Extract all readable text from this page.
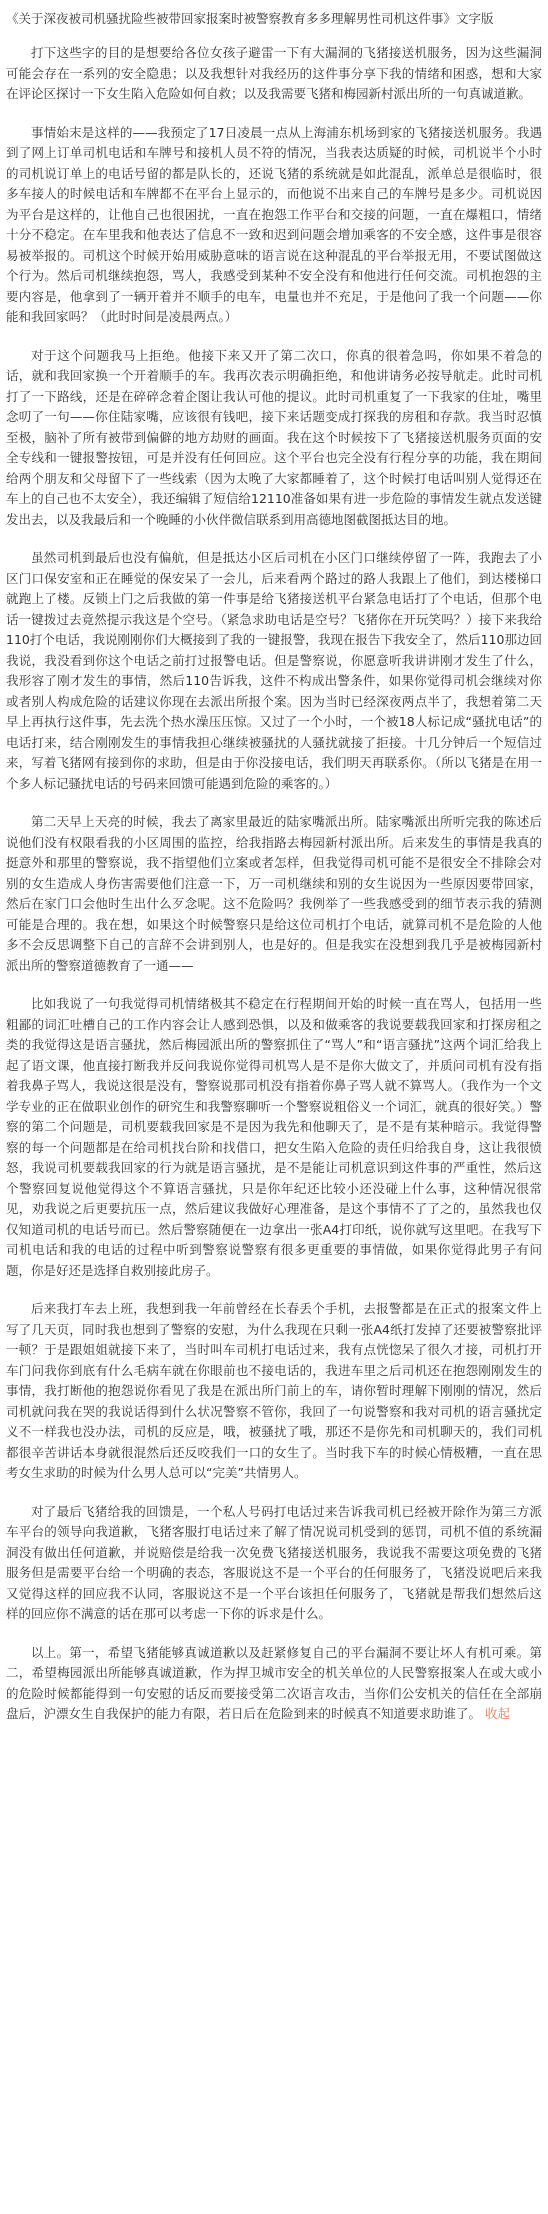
《关于深夜被司机骚扰险些被带回家报案时被警察教育多多理解男性司机这件事》文字版

打下这些字的目的是想要给各位女孩子避雷一下有大漏洞的飞猪接送机服务，因为这些漏洞可能会存在一系列的安全隐患；以及我想针对我经历的这件事分享下我的情绪和困惑，想和大家在评论区探讨一下女生陷入危险如何自救；以及我需要飞猪和梅园新村派出所的一句真诚道歉。

事情始末是这样的——我预定了17日凌晨一点从上海浦东机场到家的飞猪接送机服务。我遇到了网上订单司机电话和车牌号和接机人员不符的情况，当我表达质疑的时候，司机说半个小时的司机说订单上的电话号留的都是队长的，还说飞猪的系统就是如此混乱，派单总是很临时，很多车接人的时候电话和车牌都不在平台上显示的，而他说不出来自己的车牌号是多少。司机说因为平台是这样的，让他自己也很困扰，一直在抱怨工作平台和交接的问题，一直在爆粗口，情绪十分不稳定。在车里我和他表达了信息不一致和迟到问题会增加乘客的不安全感，这件事是很容易被举报的。司机这个时候开始用威胁意味的语言说在这种混乱的平台举报无用，不要试图做这个行为。然后司机继续抱怨，骂人，我感受到某种不安全没有和他进行任何交流。司机抱怨的主要内容是，他拿到了一辆开着并不顺手的电车，电量也并不充足，于是他问了我一个问题——你能和我回家吗？（此时时间是凌晨两点。）

对于这个问题我马上拒绝。他接下来又开了第二次口，你真的很着急吗，你如果不着急的话，就和我回家换一个开着顺手的车。我再次表示明确拒绝，和他讲请务必按导航走。此时司机打了一下路线，还是在碎碎念着企图让我认可他的提议。此时司机重复了一下我家的住址，嘴里念叨了一句——你住陆家嘴，应该很有钱吧，接下来话题变成打探我的房租和存款。我当时忍慎至极，脑补了所有被带到偏僻的地方劫财的画面。我在这个时候按下了飞猪接送机服务页面的安全专线和一键报警按钮，可是并没有任何回应。这个平台也完全没有行程分享的功能，我在期间给两个朋友和父母留下了一些线索（因为太晚了大家都睡着了，这个时候打电话叫别人觉得还在车上的自己也不太安全），我还编辑了短信给12110准备如果有进一步危险的事情发生就点发送键发出去，以及我最后和一个晚睡的小伙伴微信联系到用高德地图截图抵达目的地。

虽然司机到最后也没有偏航，但是抵达小区后司机在小区门口继续停留了一阵，我跑去了小区门口保安室和正在睡觉的保安呆了一会儿，后来看两个路过的路人我跟上了他们，到达楼梯口就跑上了楼。反锁上门之后我做的第一件事是给飞猪接送机平台紧急电话打了个电话，但那个电话一键拨过去竟然提示我这是个空号。（紧急求助电话是空号？飞猪你在开玩笑吗？）接下来我给110打个电话，我说刚刚你们大概接到了我的一键报警，我现在报告下我安全了，然后110那边回我说，我没看到你这个电话之前打过报警电话。但是警察说，你愿意听我讲讲刚才发生了什么，我形容了刚才发生的事情，然后110告诉我，这件不构成出警条件，如果你觉得司机会继续对你或者别人构成危险的话建议你现在去派出所报个案。因为当时已经深夜两点半了，我想着第二天早上再执行这件事，先去洗个热水澡压压惊。又过了一个小时，一个被18人标记成“骚扰电话”的电话打来，结合刚刚发生的事情我担心继续被骚扰的人骚扰就接了拒接。十几分钟后一个短信过来，写着飞猪网有接到你的求助，但是由于你没接电话，我们明天再联系你。（所以飞猪是在用一个多人标记骚扰电话的号码来回馈可能遇到危险的乘客的。）

第二天早上天亮的时候，我去了离家里最近的陆家嘴派出所。陆家嘴派出所听完我的陈述后说他们没有权限看我的小区周围的监控，给我指路去梅园新村派出所。后来发生的事情是我真的挺意外和那里的警察说，我不指望他们立案或者怎样，但我觉得司机可能不是很安全不排除会对别的女生造成人身伤害需要他们注意一下，万一司机继续和别的女生说因为一些原因要带回家，然后在家门口会他时生出什么歹念呢。这不危险吗？我例举了一些我感受到的细节表示我的猜测可能是合理的。我在想，如果这个时候警察只是给这位司机打个电话，就算司机不是危险的人他多不会反思调整下自己的言辞不会讲到别人，也是好的。但是我实在没想到我几乎是被梅园新村派出所的警察道德教育了一通——

比如我说了一句我觉得司机情绪极其不稳定在行程期间开始的时候一直在骂人，包括用一些粗鄙的词汇吐槽自己的工作内容会让人感到恐惧，以及和做乘客的我说要载我回家和打探房租之类的我觉得这是语言骚扰，然后梅园派出所的警察抓住了“骂人”和“语言骚扰”这两个词汇给我上起了语文课，他直接打断我并反问我说你觉得司机骂人是不是你大做文了，并质问司机有没有指着我鼻子骂人，我说这很是没有，警察说那司机没有指着你鼻子骂人就不算骂人。（我作为一个文学专业的正在做职业创作的研究生和我警察聊听一个警察说粗俗义一个词汇，就真的很好笑。）警察的第二个问题是，司机要载我回家是不是因为我先和他聊天了，是不是有某种暗示。我觉得警察的每一个问题都是在给司机找台阶和找借口，把女生陷入危险的责任归给我自身，这让我很愤怒，我说司机要载我回家的行为就是语言骚扰，是不是能让司机意识到这件事的严重性，然后这个警察回复说他觉得这个不算语言骚扰，只是你年纪还比较小还没碰上什么事，这种情况很常见，劝我说之后更要抗压一点，然后建议我做好心理准备，是这个事情不了了之的，虽然我也仅仅知道司机的电话号而已。然后警察随便在一边拿出一张A4打印纸，说你就写这里吧。在我写下司机电话和我的电话的过程中听到警察说警察有很多更重要的事情做，如果你觉得此男子有问题，你是好还是选择自救别接此房子。

后来我打车去上班，我想到我一年前曾经在长春丢个手机，去报警都是在正式的报案文件上写了几天页，同时我也想到了警察的安慰，为什么我现在只剩一张A4纸打发掉了还要被警察批评一顿？于是跟姐姐就接下来了，当时叫车司机打电话过来，我有点恍惚呆了很久才接，司机打开车门问我你到底有什么毛病车就在你眼前也不接电话的，我进车里之后司机还在抱怨刚刚发生的事情，我打断他的抱怨说你看见了我是在派出所门前上的车，请你暂时理解下刚刚的情况，然后司机就问我在哭的我说话得到什么状况警察不管你，我回了一句说警察和我对司机的语言骚扰定义不一样我也没办法，司机的反应是，哦，被骚扰了哦，那还不是你先和司机聊天的，我们司机都很辛苦讲话本身就很混然后还反咬我们一口的女生了。当时我下车的时候心情极糟，一直在思考女生求助的时候为什么男人总可以“完美”共情男人。

对了最后飞猪给我的回馈是，一个私人号码打电话过来告诉我司机已经被开除作为第三方派车平台的领导向我道歉，飞猪客服打电话过来了解了情况说司机受到的惩罚，司机不值的系统漏洞没有做出任何道歉，并说赔偿是给我一次免费飞猪接送机服务，我说我不需要这项免费的飞猪服务但是需要平台给一个明确的表态，客服说这不是一个平台的任何服务了，飞猪没说吧后来我又觉得这样的回应我不认同，客服说这不是一个平台该担任何服务了，飞猪就是帮我们想然后这样的回应你不满意的话在那可以考虑一下你的诉求是什么。

以上。第一，希望飞猪能够真诚道歉以及赶紧修复自己的平台漏洞不要让坏人有机可乘。第二，希望梅园派出所能够真诚道歉，作为捍卫城市安全的机关单位的人民警察报案人在或大或小的危险时候都能得到一句安慰的话反而要接受第二次语言攻击，当你们公安机关的信任在全部崩盘后，沪漂女生自我保护的能力有限，若日后在危险到来的时候真不知道要求助谁了。 收起
